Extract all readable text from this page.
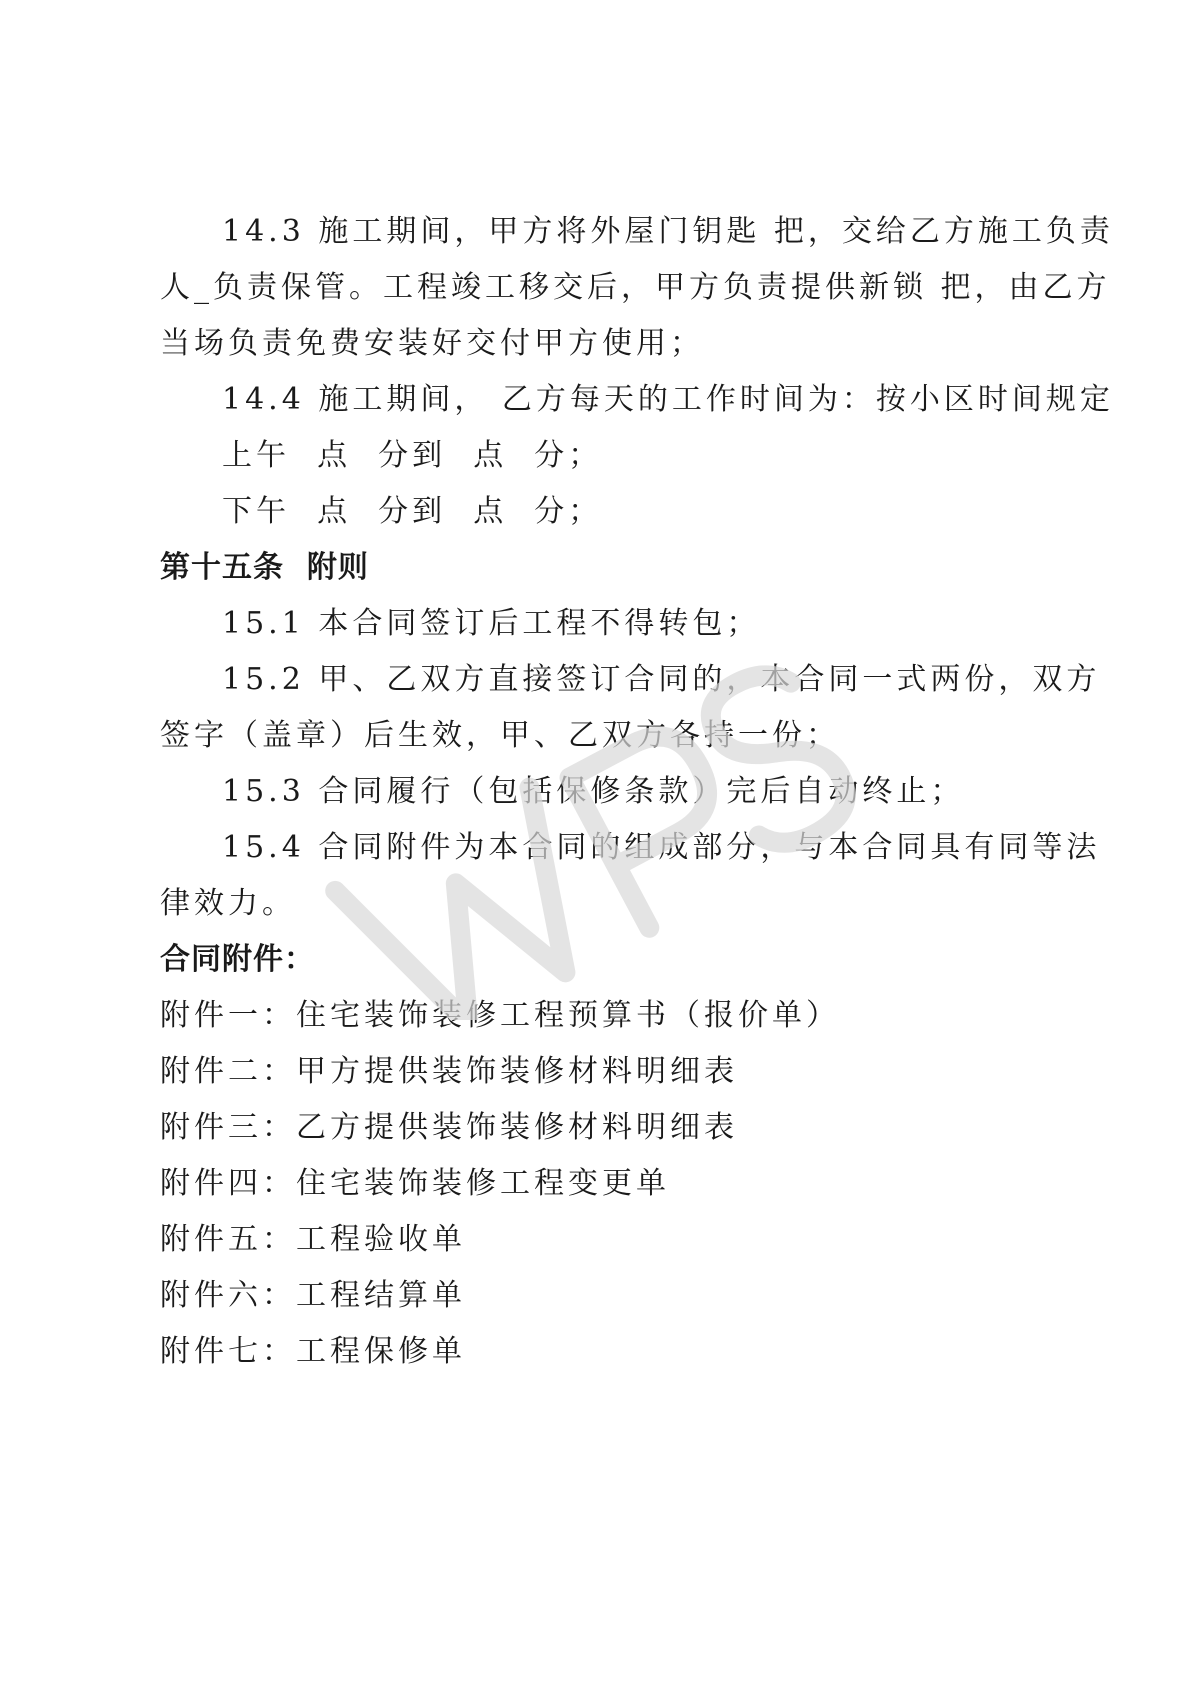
14.3 施工期间，甲方将外屋门钥匙 把，交给乙方施工负责
人_负责保管。工程竣工移交后，甲方负责提供新锁 把，由乙方
当场负责免费安装好交付甲方使用；
14.4 施工期间， 乙方每天的工作时间为：按小区时间规定
上午  点  分到  点  分；
下午  点  分到  点  分；
第十五条  附则
15.1 本合同签订后工程不得转包；
15.2 甲、乙双方直接签订合同的，本合同一式两份，双方
签字（盖章）后生效，甲、乙双方各持一份；
15.3 合同履行（包括保修条款）完后自动终止；
15.4 合同附件为本合同的组成部分，与本合同具有同等法
律效力。
合同附件：
附件一：住宅装饰装修工程预算书（报价单）
附件二：甲方提供装饰装修材料明细表
附件三：乙方提供装饰装修材料明细表
附件四：住宅装饰装修工程变更单
附件五：工程验收单
附件六：工程结算单
附件七：工程保修单
